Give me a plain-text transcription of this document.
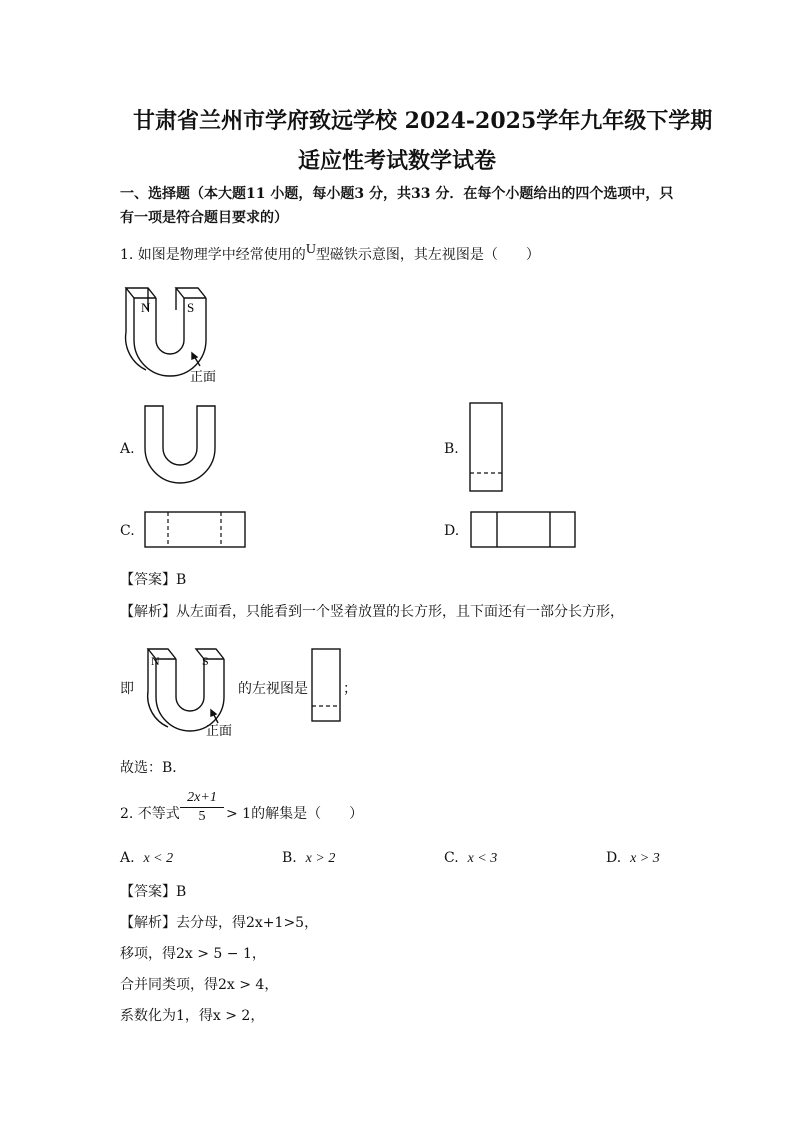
甘肃省兰州市学府致远学校 2024-2025学年九年级下学期
适应性考试数学试卷
一、选择题（本大题11 小题，每小题3 分，共33 分．在每个小题给出的四个选项中，只
有一项是符合题目要求的）
1. 如图是物理学中经常使用的U型磁铁示意图，其左视图是（　　）
N	S
正面
A.	B.
C.	D.
【答案】B
【解析】从左面看，只能看到一个竖着放置的长方形，且下面还有一部分长方形，
即
N	S
正面
的左视图是	；
故选：B．
2. 不等式 $\frac{2x+1}{5} > 1$的解集是（　　）
A. x < 2	B. x > 2	C. x < 3	D. x > 3
【答案】B
【解析】去分母，得2x+1>5，
移项，得2x > 5 − 1，
合并同类项，得2x > 4，
系数化为1，得x > 2，
